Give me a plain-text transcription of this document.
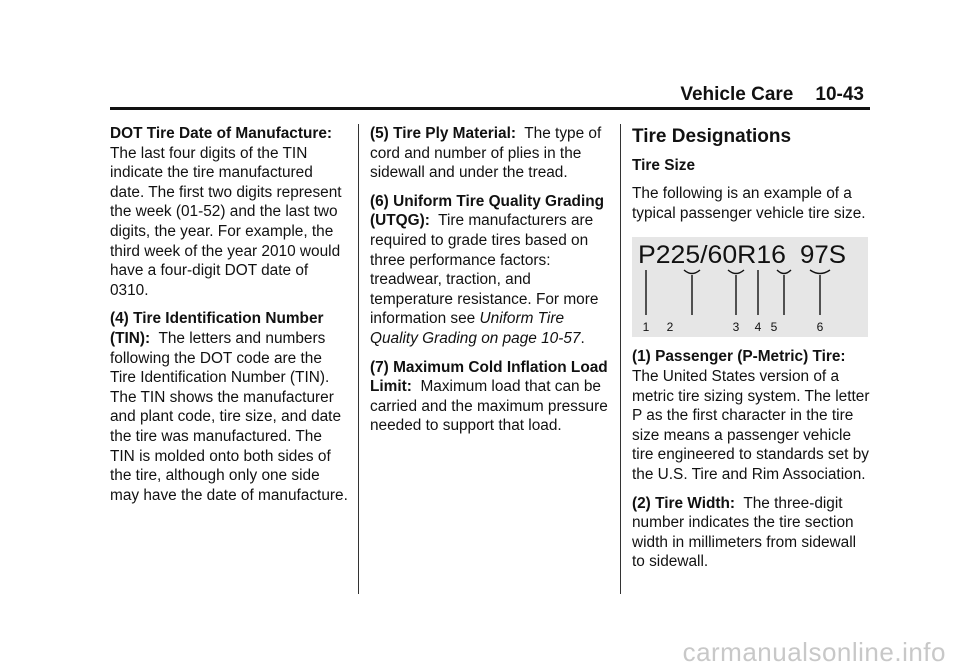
Vehicle Care 10-43

DOT Tire Date of Manufacture:  The last four digits of the TIN indicate the tire manufactured date. The first two digits represent the week (01-52) and the last two digits, the year. For example, the third week of the year 2010 would have a four-digit DOT date of 0310.

(4) Tire Identification Number (TIN): The letters and numbers following the DOT code are the Tire Identification Number (TIN). The TIN shows the manufacturer and plant code, tire size, and date the tire was manufactured. The TIN is molded onto both sides of the tire, although only one side may have the date of manufacture.

(5) Tire Ply Material: The type of cord and number of plies in the sidewall and under the tread.

(6) Uniform Tire Quality Grading (UTQG): Tire manufacturers are required to grade tires based on three performance factors: treadwear, traction, and temperature resistance. For more information see Uniform Tire Quality Grading on page 10-57.

(7) Maximum Cold Inflation Load Limit: Maximum load that can be carried and the maximum pressure needed to support that load.

Tire Designations
Tire Size

The following is an example of a typical passenger vehicle tire size.

P225/60R16 97S
1 2	3 4 5	6

(1) Passenger (P-Metric) Tire: The United States version of a metric tire sizing system. The letter P as the first character in the tire size means a passenger vehicle tire engineered to standards set by the U.S. Tire and Rim Association.

(2) Tire Width: The three-digit number indicates the tire section width in millimeters from sidewall to sidewall.

carmanualsonline.info
